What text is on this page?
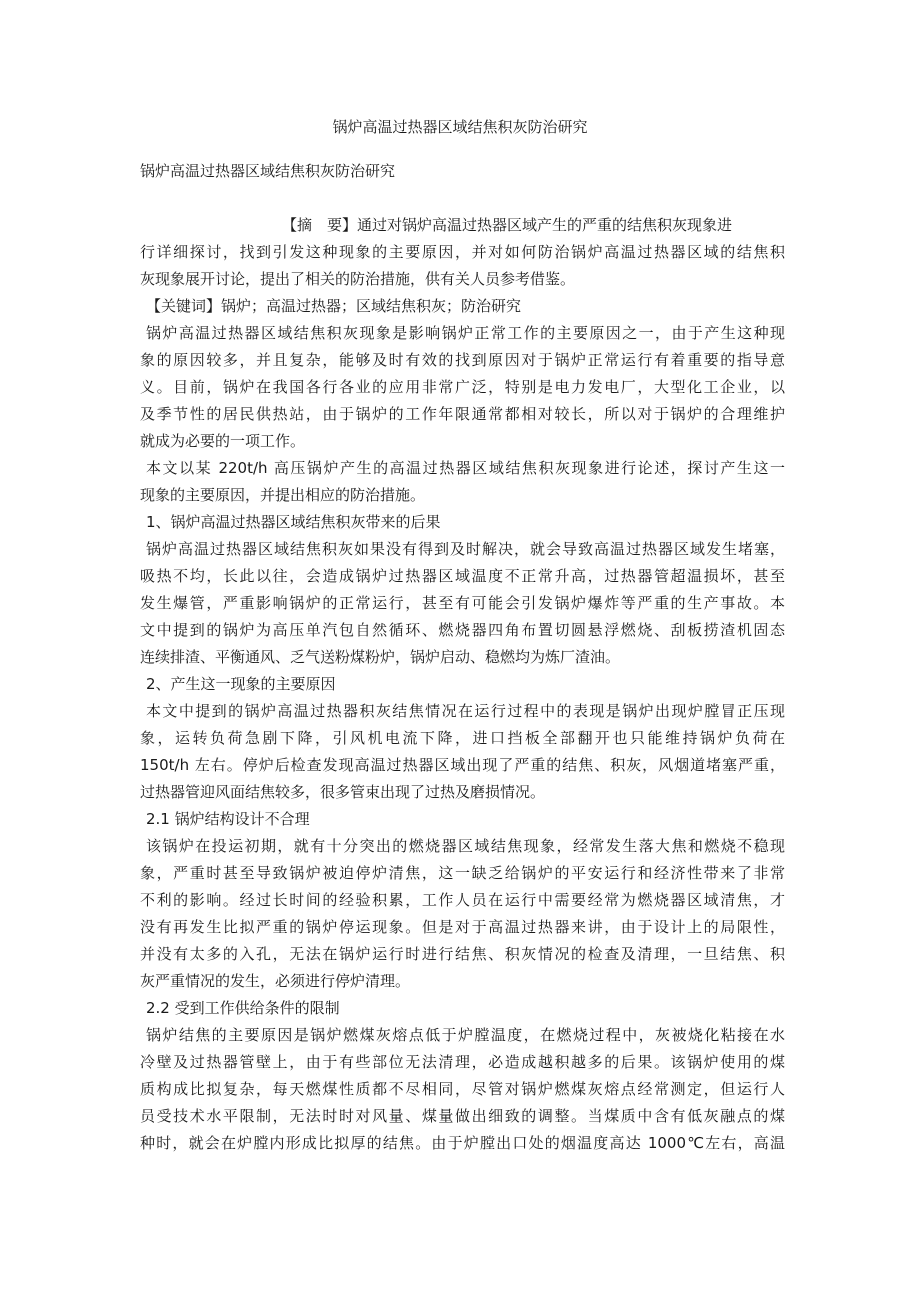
锅炉高温过热器区域结焦积灰防治研究
锅炉高温过热器区域结焦积灰防治研究
【摘　要】通过对锅炉高温过热器区域产生的严重的结焦积灰现象进
行详细探讨，找到引发这种现象的主要原因，并对如何防治锅炉高温过热器区域的结焦积
灰现象展开讨论，提出了相关的防治措施，供有关人员参考借鉴。
【关键词】锅炉；高温过热器；区域结焦积灰；防治研究
锅炉高温过热器区域结焦积灰现象是影响锅炉正常工作的主要原因之一，由于产生这种现
象的原因较多，并且复杂，能够及时有效的找到原因对于锅炉正常运行有着重要的指导意
义。目前，锅炉在我国各行各业的应用非常广泛，特别是电力发电厂，大型化工企业，以
及季节性的居民供热站，由于锅炉的工作年限通常都相对较长，所以对于锅炉的合理维护
就成为必要的一项工作。
本文以某 220t/h 高压锅炉产生的高温过热器区域结焦积灰现象进行论述，探讨产生这一
现象的主要原因，并提出相应的防治措施。
1、锅炉高温过热器区域结焦积灰带来的后果
锅炉高温过热器区域结焦积灰如果没有得到及时解决，就会导致高温过热器区域发生堵塞，
吸热不均，长此以往，会造成锅炉过热器区域温度不正常升高，过热器管超温损坏，甚至
发生爆管，严重影响锅炉的正常运行，甚至有可能会引发锅炉爆炸等严重的生产事故。本
文中提到的锅炉为高压单汽包自然循环、燃烧器四角布置切圆悬浮燃烧、刮板捞渣机固态
连续排渣、平衡通风、乏气送粉煤粉炉，锅炉启动、稳燃均为炼厂渣油。
2、产生这一现象的主要原因
本文中提到的锅炉高温过热器积灰结焦情况在运行过程中的表现是锅炉出现炉膛冒正压现
象，运转负荷急剧下降，引风机电流下降，进口挡板全部翻开也只能维持锅炉负荷在
150t/h 左右。停炉后检查发现高温过热器区域出现了严重的结焦、积灰，风烟道堵塞严重，
过热器管迎风面结焦较多，很多管束出现了过热及磨损情况。
2.1 锅炉结构设计不合理
该锅炉在投运初期，就有十分突出的燃烧器区域结焦现象，经常发生落大焦和燃烧不稳现
象，严重时甚至导致锅炉被迫停炉清焦，这一缺乏给锅炉的平安运行和经济性带来了非常
不利的影响。经过长时间的经验积累，工作人员在运行中需要经常为燃烧器区域清焦，才
没有再发生比拟严重的锅炉停运现象。但是对于高温过热器来讲，由于设计上的局限性，
并没有太多的入孔，无法在锅炉运行时进行结焦、积灰情况的检查及清理，一旦结焦、积
灰严重情况的发生，必须进行停炉清理。
2.2 受到工作供给条件的限制
锅炉结焦的主要原因是锅炉燃煤灰熔点低于炉膛温度，在燃烧过程中，灰被烧化粘接在水
冷壁及过热器管壁上，由于有些部位无法清理，必造成越积越多的后果。该锅炉使用的煤
质构成比拟复杂，每天燃煤性质都不尽相同，尽管对锅炉燃煤灰熔点经常测定，但运行人
员受技术水平限制，无法时时对风量、煤量做出细致的调整。当煤质中含有低灰融点的煤
种时，就会在炉膛内形成比拟厚的结焦。由于炉膛出口处的烟温度高达 1000℃左右，高温
